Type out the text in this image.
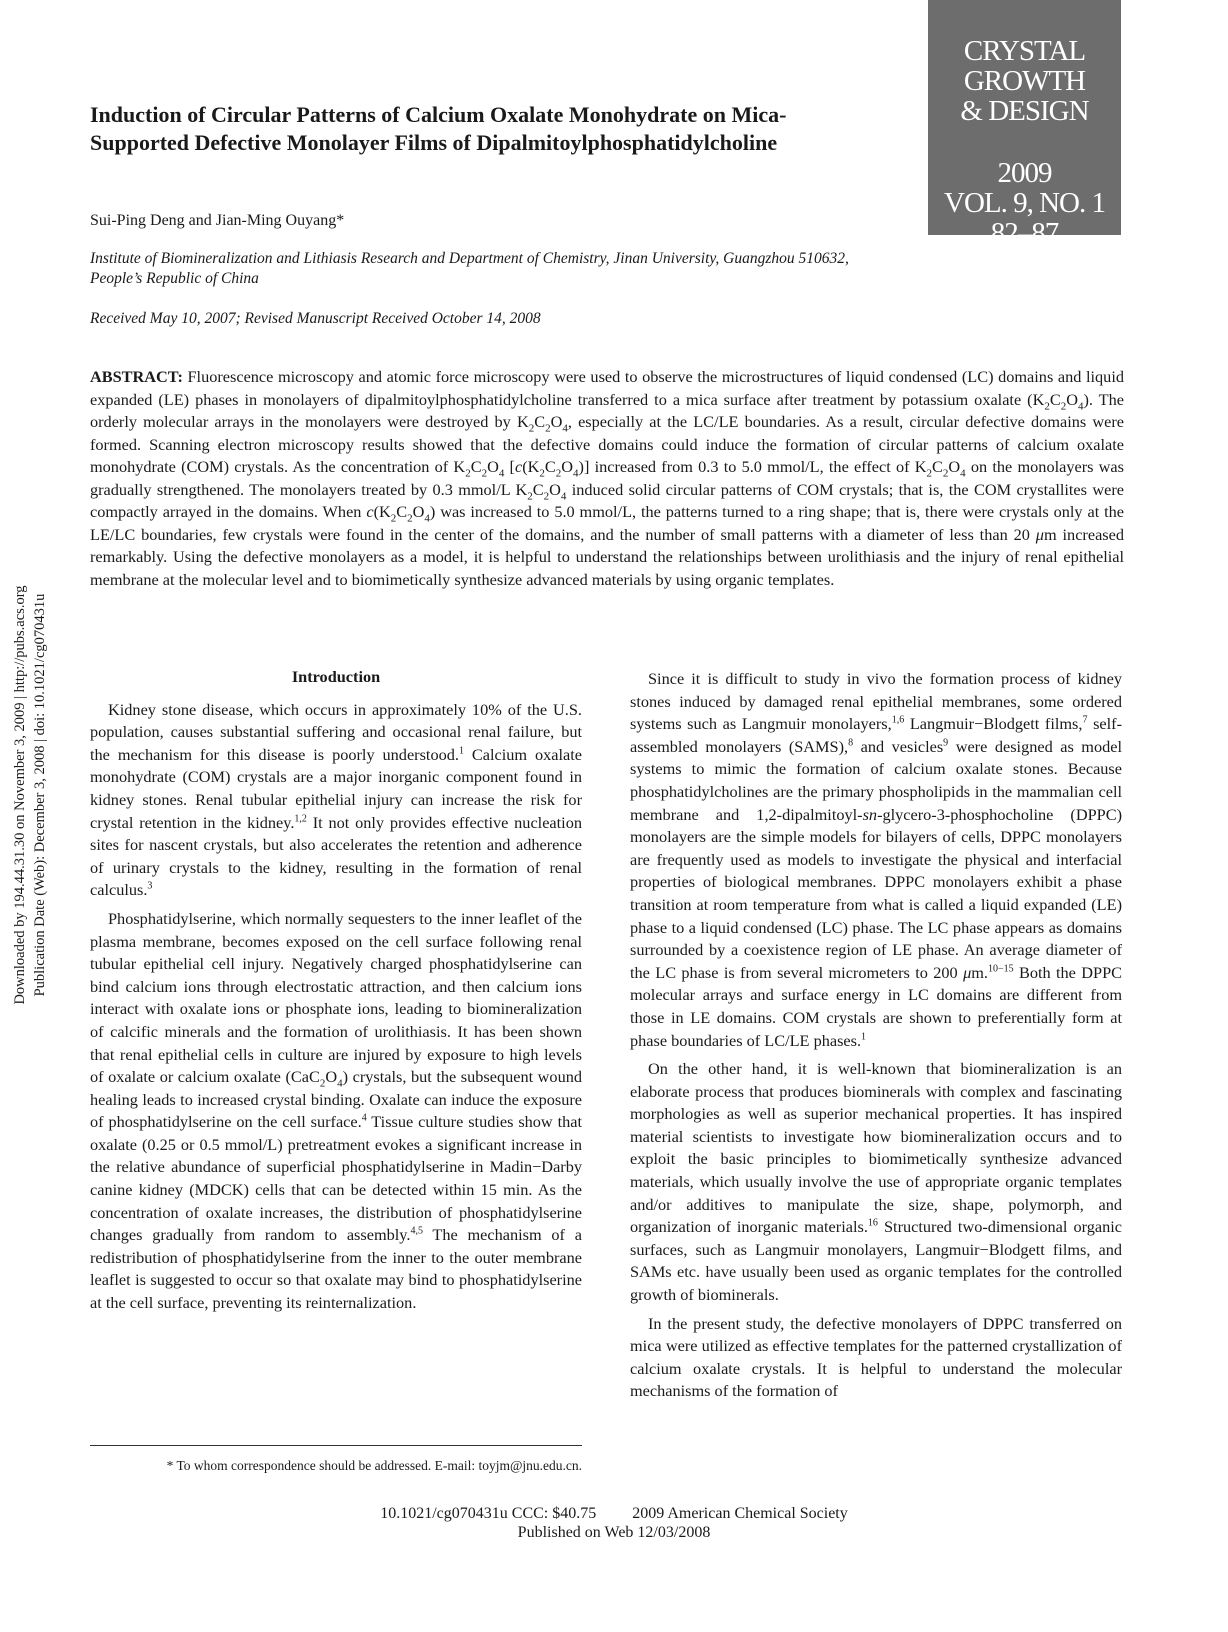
CRYSTAL
GROWTH
& DESIGN
2009
VOL. 9, NO. 1
82–87
Induction of Circular Patterns of Calcium Oxalate Monohydrate on Mica-Supported Defective Monolayer Films of Dipalmitoylphosphatidylcholine
Sui-Ping Deng and Jian-Ming Ouyang*
Institute of Biomineralization and Lithiasis Research and Department of Chemistry, Jinan University, Guangzhou 510632, People’s Republic of China
Received May 10, 2007; Revised Manuscript Received October 14, 2008
ABSTRACT: Fluorescence microscopy and atomic force microscopy were used to observe the microstructures of liquid condensed (LC) domains and liquid expanded (LE) phases in monolayers of dipalmitoylphosphatidylcholine transferred to a mica surface after treatment by potassium oxalate $(K_2C_2O_4)$. The orderly molecular arrays in the monolayers were destroyed by $K_2C_2O_4$, especially at the LC/LE boundaries. As a result, circular defective domains were formed. Scanning electron microscopy results showed that the defective domains could induce the formation of circular patterns of calcium oxalate monohydrate (COM) crystals. As the concentration of $K_2C_2O_4$ $[c(K_2C_2O_4)]$ increased from 0.3 to 5.0 mmol/L, the effect of $K_2C_2O_4$ on the monolayers was gradually strengthened. The monolayers treated by 0.3 mmol/L $K_2C_2O_4$ induced solid circular patterns of COM crystals; that is, the COM crystallites were compactly arrayed in the domains. When $c(K_2C_2O_4)$ was increased to 5.0 mmol/L, the patterns turned to a ring shape; that is, there were crystals only at the LE/LC boundaries, few crystals were found in the center of the domains, and the number of small patterns with a diameter of less than 20 μm increased remarkably. Using the defective monolayers as a model, it is helpful to understand the relationships between urolithiasis and the injury of renal epithelial membrane at the molecular level and to biomimetically synthesize advanced materials by using organic templates.
Downloaded by 194.44.31.30 on November 3, 2009 | http://pubs.acs.org Publication Date (Web): December 3, 2008 | doi: 10.1021/cg070431u	Introduction

Kidney stone disease, which occurs in approximately 10% of the U.S. population, causes substantial suffering and occasional renal failure, but the mechanism for this disease is poorly understood.$^1$ Calcium oxalate monohydrate (COM) crystals are a major inorganic component found in kidney stones. Renal tubular epithelial injury can increase the risk for crystal retention in the kidney.$^{1,2}$ It not only provides effective nucleation sites for nascent crystals, but also accelerates the retention and adherence of urinary crystals to the kidney, resulting in the formation of renal calculus.$^3$

Phosphatidylserine, which normally sequesters to the inner leaflet of the plasma membrane, becomes exposed on the cell surface following renal tubular epithelial cell injury. Negatively charged phosphatidylserine can bind calcium ions through electrostatic attraction, and then calcium ions interact with oxalate ions or phosphate ions, leading to biomineralization of calcific minerals and the formation of urolithiasis. It has been shown that renal epithelial cells in culture are injured by exposure to high levels of oxalate or calcium oxalate $(CaC_2O_4)$ crystals, but the subsequent wound healing leads to increased crystal binding. Oxalate can induce the exposure of phosphatidylserine on the cell surface.$^4$ Tissue culture studies show that oxalate (0.25 or 0.5 mmol/L) pretreatment evokes a significant increase in the relative abundance of superficial phosphatidylserine in Madin−Darby canine kidney (MDCK) cells that can be detected within 15 min. As the concentration of oxalate increases, the distribution of phosphatidylserine changes gradually from random to assembly.$^{4,5}$ The mechanism of a redistribution of phosphatidylserine from the inner to the outer membrane leaflet is suggested to occur so that oxalate may bind to phosphatidylserine at the cell surface, preventing its reinternalization.

Since it is difficult to study in vivo the formation process of kidney stones induced by damaged renal epithelial membranes, some ordered systems such as Langmuir monolayers,$^{1,6}$ Langmuir−Blodgett films,$^7$ self-assembled monolayers (SAMS),$^8$ and vesicles$^9$ were designed as model systems to mimic the formation of calcium oxalate stones. Because phosphatidylcholines are the primary phospholipids in the mammalian cell membrane and 1,2-dipalmitoyl-sn-glycero-3-phosphocholine (DPPC) monolayers are the simple models for bilayers of cells, DPPC monolayers are frequently used as models to investigate the physical and interfacial properties of biological membranes. DPPC monolayers exhibit a phase transition at room temperature from what is called a liquid expanded (LE) phase to a liquid condensed (LC) phase. The LC phase appears as domains surrounded by a coexistence region of LE phase. An average diameter of the LC phase is from several micrometers to 200 μm.$^{10-15}$ Both the DPPC molecular arrays and surface energy in LC domains are different from those in LE domains. COM crystals are shown to preferentially form at phase boundaries of LC/LE phases.$^1$

On the other hand, it is well-known that biomineralization is an elaborate process that produces biominerals with complex and fascinating morphologies as well as superior mechanical properties. It has inspired material scientists to investigate how biomineralization occurs and to exploit the basic principles to biomimetically synthesize advanced materials, which usually involve the use of appropriate organic templates and/or additives to manipulate the size, shape, polymorph, and organization of inorganic materials.$^{16}$ Structured two-dimensional organic surfaces, such as Langmuir monolayers, Langmuir−Blodgett films, and SAMs etc. have usually been used as organic templates for the controlled growth of biominerals.

In the present study, the defective monolayers of DPPC transferred on mica were utilized as effective templates for the patterned crystallization of calcium oxalate crystals. It is helpful to understand the molecular mechanisms of the formation of

* To whom correspondence should be addressed. E-mail: toyjm@jnu.edu.cn.
10.1021/cg070431u CCC: $40.75 2009 American Chemical Society
Published on Web 12/03/2008
